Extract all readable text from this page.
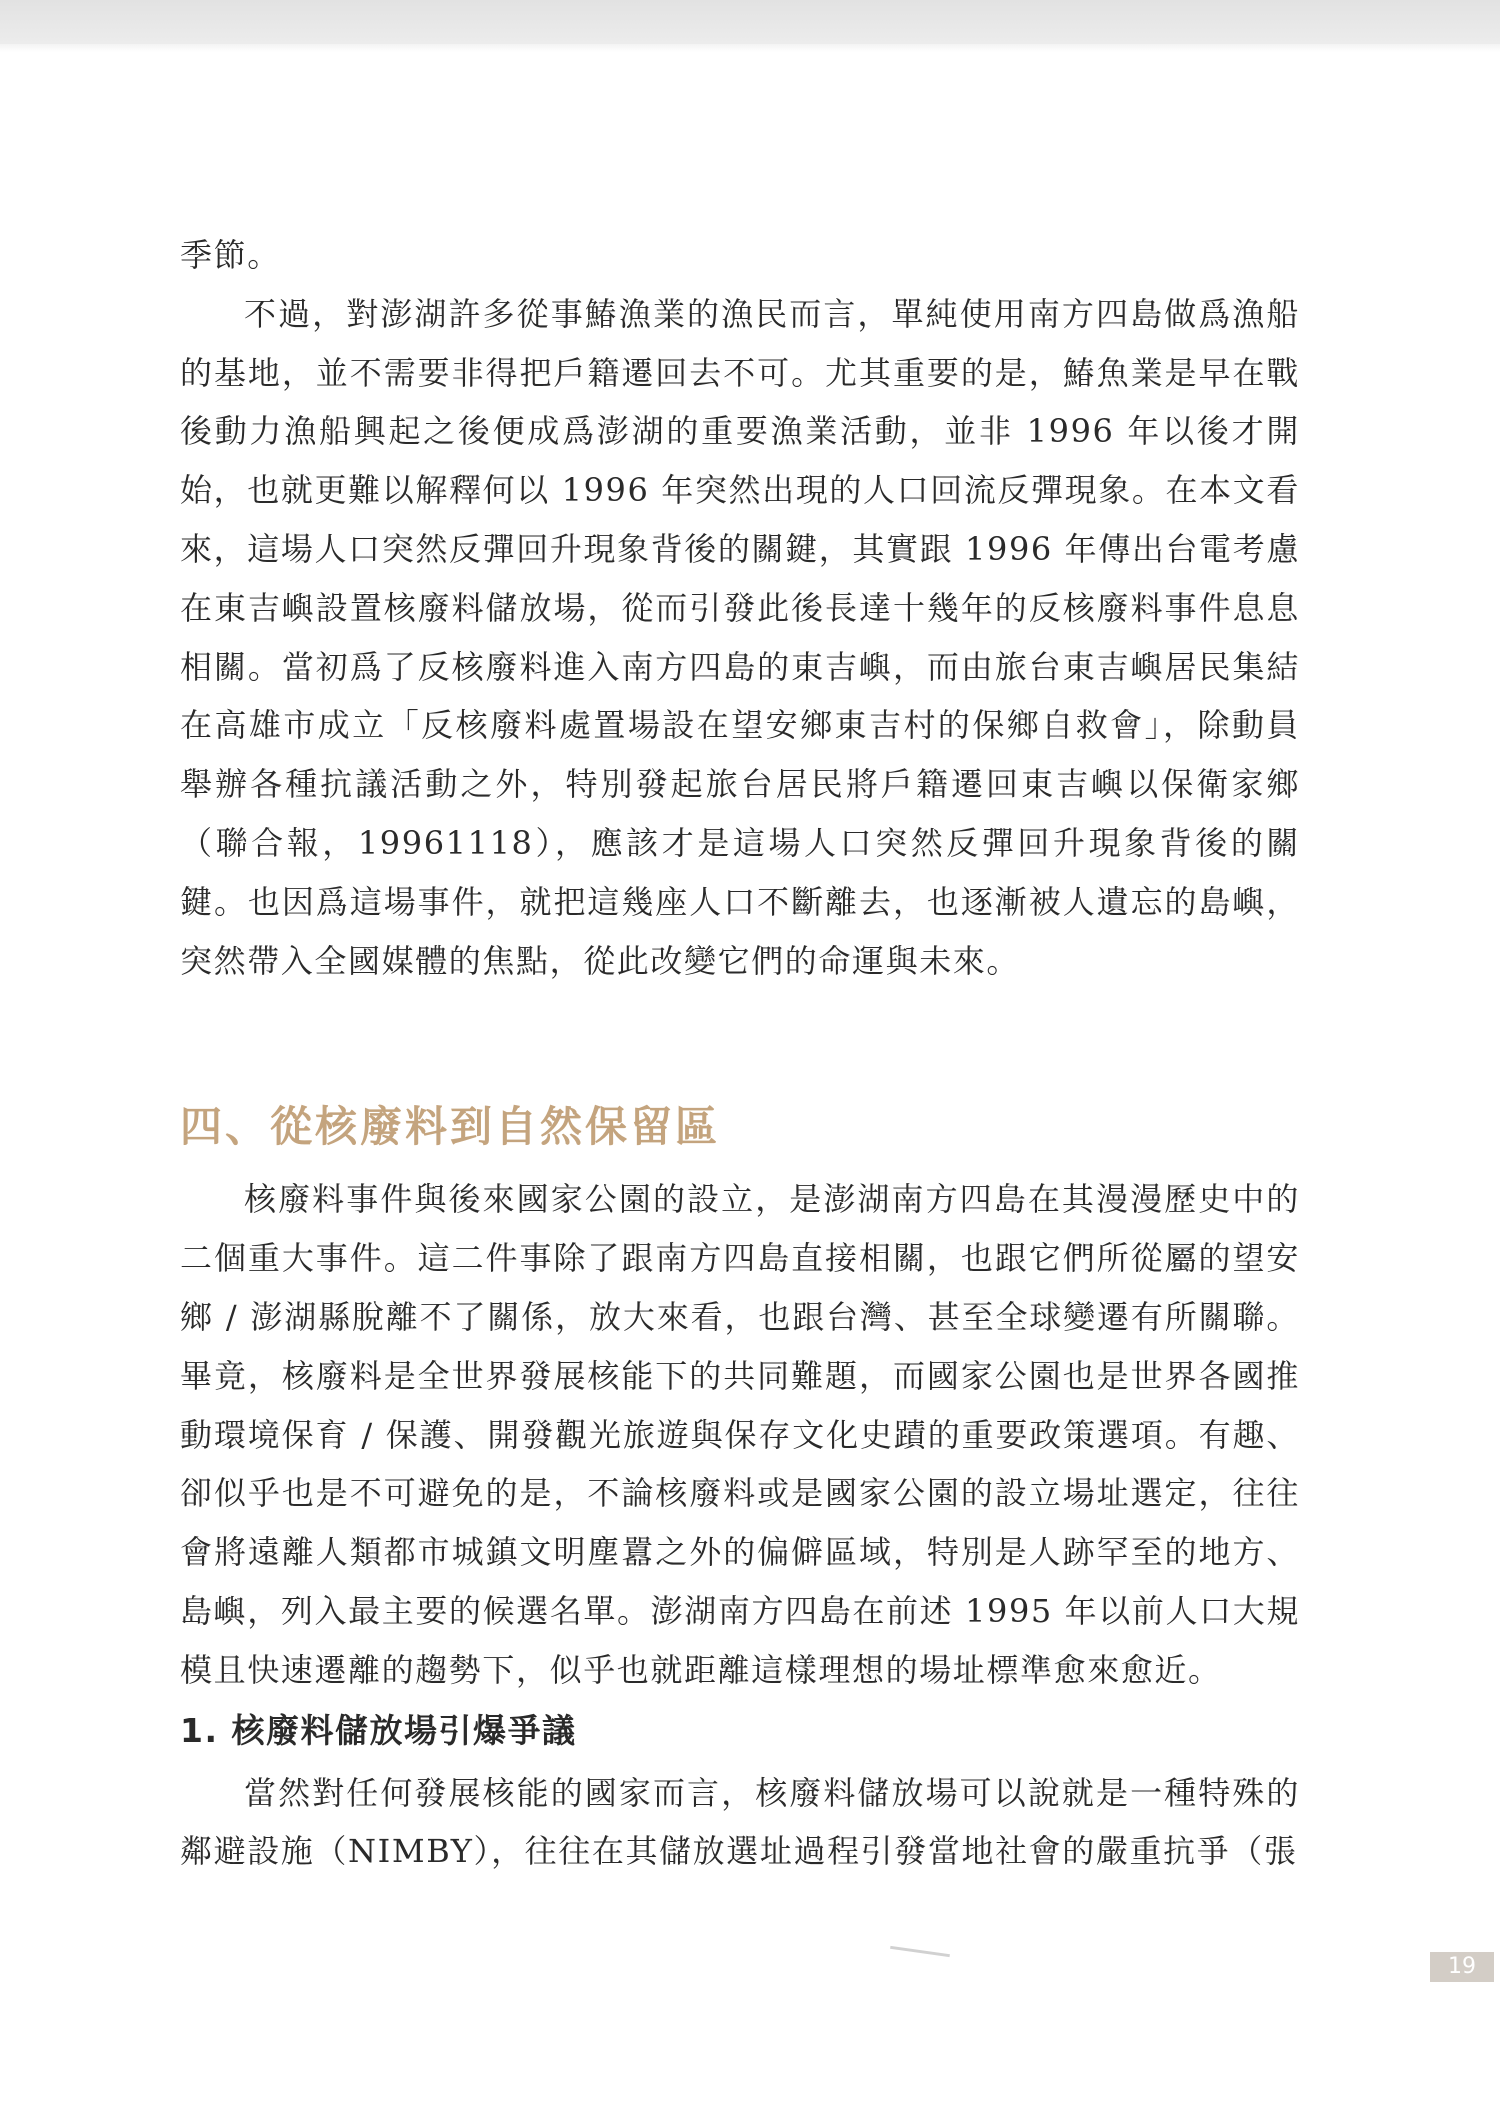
季節。

不過，對澎湖許多從事鰆漁業的漁民而言，單純使用南方四島做爲漁船的基地，並不需要非得把戶籍遷回去不可。尤其重要的是，鰆魚業是早在戰後動力漁船興起之後便成爲澎湖的重要漁業活動，並非 1996 年以後才開始，也就更難以解釋何以 1996 年突然出現的人口回流反彈現象。在本文看來，這場人口突然反彈回升現象背後的關鍵，其實跟 1996 年傳出台電考慮在東吉嶼設置核廢料儲放場，從而引發此後長達十幾年的反核廢料事件息息相關。當初爲了反核廢料進入南方四島的東吉嶼，而由旅台東吉嶼居民集結在高雄市成立「反核廢料處置場設在望安鄉東吉村的保鄉自救會」，除動員舉辦各種抗議活動之外，特別發起旅台居民將戶籍遷回東吉嶼以保衛家鄉（聯合報，19961118），應該才是這場人口突然反彈回升現象背後的關鍵。也因爲這場事件，就把這幾座人口不斷離去，也逐漸被人遺忘的島嶼，突然帶入全國媒體的焦點，從此改變它們的命運與未來。

四、從核廢料到自然保留區

核廢料事件與後來國家公園的設立，是澎湖南方四島在其漫漫歷史中的二個重大事件。這二件事除了跟南方四島直接相關，也跟它們所從屬的望安鄉 / 澎湖縣脫離不了關係，放大來看，也跟台灣、甚至全球變遷有所關聯。畢竟，核廢料是全世界發展核能下的共同難題，而國家公園也是世界各國推動環境保育 / 保護、開發觀光旅遊與保存文化史蹟的重要政策選項。有趣、卻似乎也是不可避免的是，不論核廢料或是國家公園的設立場址選定，往往會將遠離人類都市城鎮文明塵囂之外的偏僻區域，特別是人跡罕至的地方、島嶼，列入最主要的候選名單。澎湖南方四島在前述 1995 年以前人口大規模且快速遷離的趨勢下，似乎也就距離這樣理想的場址標準愈來愈近。

1. 核廢料儲放場引爆爭議

當然對任何發展核能的國家而言，核廢料儲放場可以說就是一種特殊的鄰避設施（NIMBY），往往在其儲放選址過程引發當地社會的嚴重抗爭（張

19
